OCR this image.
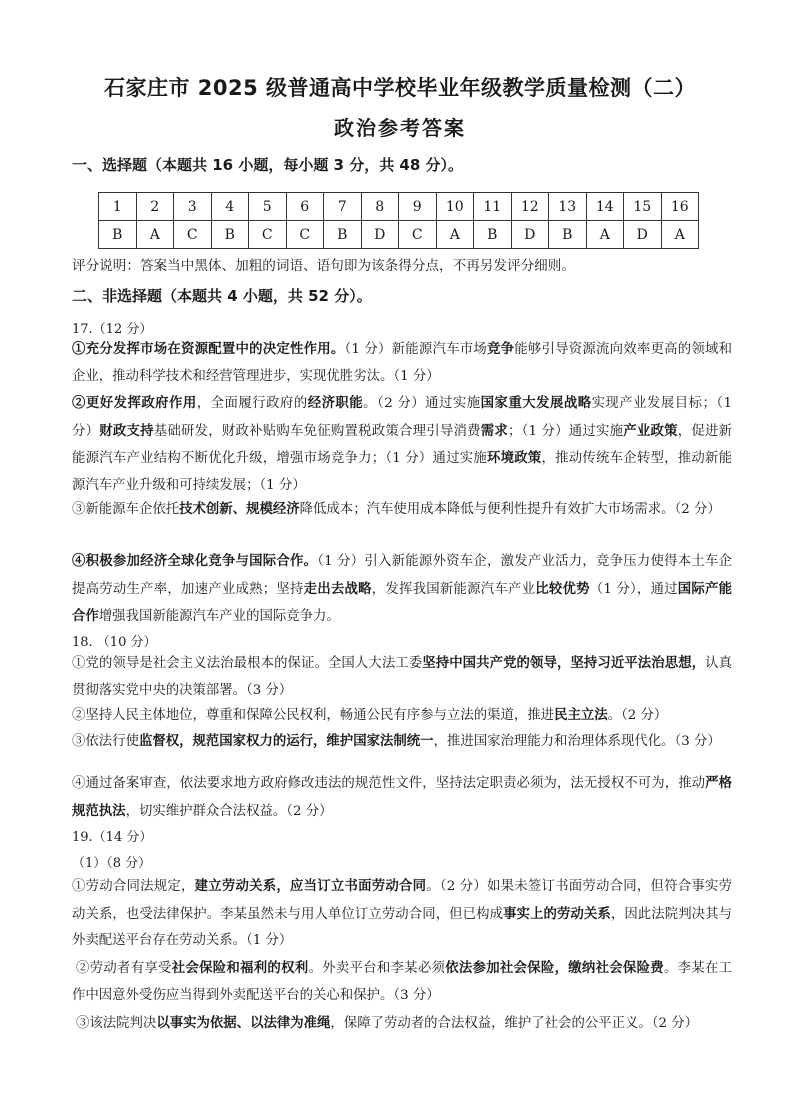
石家庄市 2025 级普通高中学校毕业年级教学质量检测（二）
政治参考答案
一、选择题（本题共 16 小题，每小题 3 分，共 48 分）。
1	2	3	4	5	6	7	8	9	10	11	12	13	14	15	16
B	A	C	B	C	C	B	D	C	A	B	D	B	A	D	A
评分说明：答案当中黑体、加粗的词语、语句即为该条得分点，不再另发评分细则。
二、非选择题（本题共 4 小题，共 52 分）。
17.（12 分）
①充分发挥市场在资源配置中的决定性作用。（1 分）新能源汽车市场竞争能够引导资源流向效率更高的领域和企业，推动科学技术和经营管理进步，实现优胜劣汰。（1 分）
②更好发挥政府作用，全面履行政府的经济职能。（2 分）通过实施国家重大发展战略实现产业发展目标；（1 分）财政支持基础研发，财政补贴购车免征购置税政策合理引导消费需求；（1 分）通过实施产业政策，促进新能源汽车产业结构不断优化升级，增强市场竞争力；（1 分）通过实施环境政策，推动传统车企转型，推动新能源汽车产业升级和可持续发展；（1 分）
③新能源车企依托技术创新、规模经济降低成本；汽车使用成本降低与便利性提升有效扩大市场需求。（2 分）
④积极参加经济全球化竞争与国际合作。（1 分）引入新能源外资车企，激发产业活力，竞争压力使得本土车企提高劳动生产率，加速产业成熟；坚持走出去战略，发挥我国新能源汽车产业比较优势（1 分），通过国际产能合作增强我国新能源汽车产业的国际竞争力。
18. （10 分）
①党的领导是社会主义法治最根本的保证。全国人大法工委坚持中国共产党的领导，坚持习近平法治思想，认真贯彻落实党中央的决策部署。（3 分）
②坚持人民主体地位，尊重和保障公民权利，畅通公民有序参与立法的渠道，推进民主立法。（2 分）
③依法行使监督权，规范国家权力的运行，维护国家法制统一，推进国家治理能力和治理体系现代化。（3 分）
④通过备案审查，依法要求地方政府修改违法的规范性文件，坚持法定职责必须为，法无授权不可为，推动严格规范执法，切实维护群众合法权益。（2 分）
19.（14 分）
（1）（8 分）
①劳动合同法规定，建立劳动关系，应当订立书面劳动合同。（2 分）如果未签订书面劳动合同，但符合事实劳动关系，也受法律保护。李某虽然未与用人单位订立劳动合同，但已构成事实上的劳动关系，因此法院判决其与外卖配送平台存在劳动关系。（1 分）
②劳动者有享受社会保险和福利的权利。外卖平台和李某必须依法参加社会保险，缴纳社会保险费。李某在工作中因意外受伤应当得到外卖配送平台的关心和保护。（3 分）
③该法院判决以事实为依据、以法律为准绳，保障了劳动者的合法权益，维护了社会的公平正义。（2 分）
